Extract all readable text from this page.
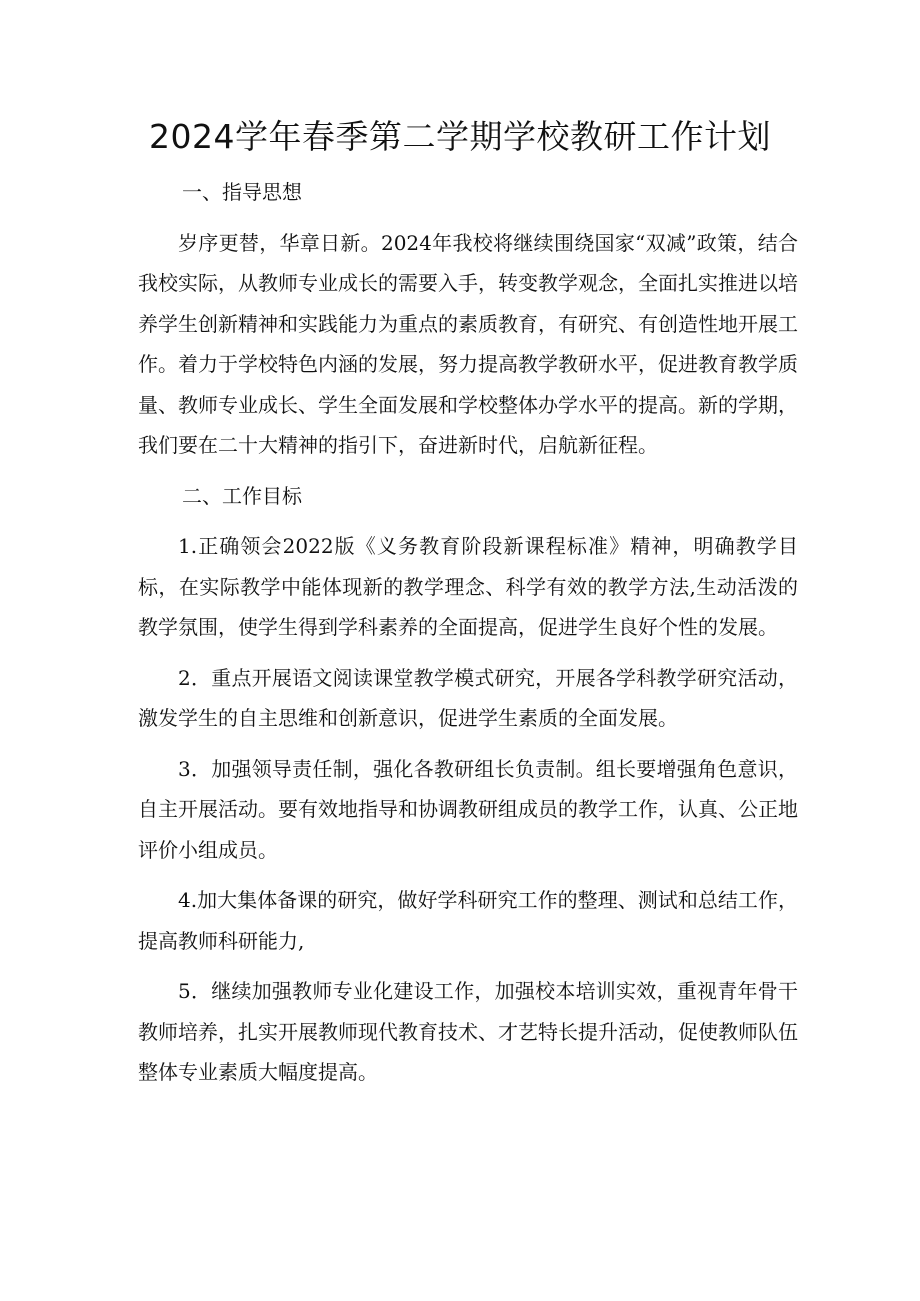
2024学年春季第二学期学校教研工作计划

一、指导思想

岁序更替，华章日新。2024年我校将继续围绕国家“双减”政策，结合我校实际，从教师专业成长的需要入手，转变教学观念，全面扎实推进以培养学生创新精神和实践能力为重点的素质教育，有研究、有创造性地开展工作。着力于学校特色内涵的发展，努力提高教学教研水平，促进教育教学质量、教师专业成长、学生全面发展和学校整体办学水平的提高。新的学期，我们要在二十大精神的指引下，奋进新时代，启航新征程。

二、工作目标

1.正确领会2022版《义务教育阶段新课程标准》精神，明确教学目标，在实际教学中能体现新的教学理念、科学有效的教学方法,生动活泼的教学氛围，使学生得到学科素养的全面提高，促进学生良好个性的发展。

2．重点开展语文阅读课堂教学模式研究，开展各学科教学研究活动，激发学生的自主思维和创新意识，促进学生素质的全面发展。

3．加强领导责任制，强化各教研组长负责制。组长要增强角色意识，自主开展活动。要有效地指导和协调教研组成员的教学工作，认真、公正地评价小组成员。

4.加大集体备课的研究，做好学科研究工作的整理、测试和总结工作，提高教师科研能力,

5．继续加强教师专业化建设工作，加强校本培训实效，重视青年骨干教师培养，扎实开展教师现代教育技术、才艺特长提升活动，促使教师队伍整体专业素质大幅度提高。
